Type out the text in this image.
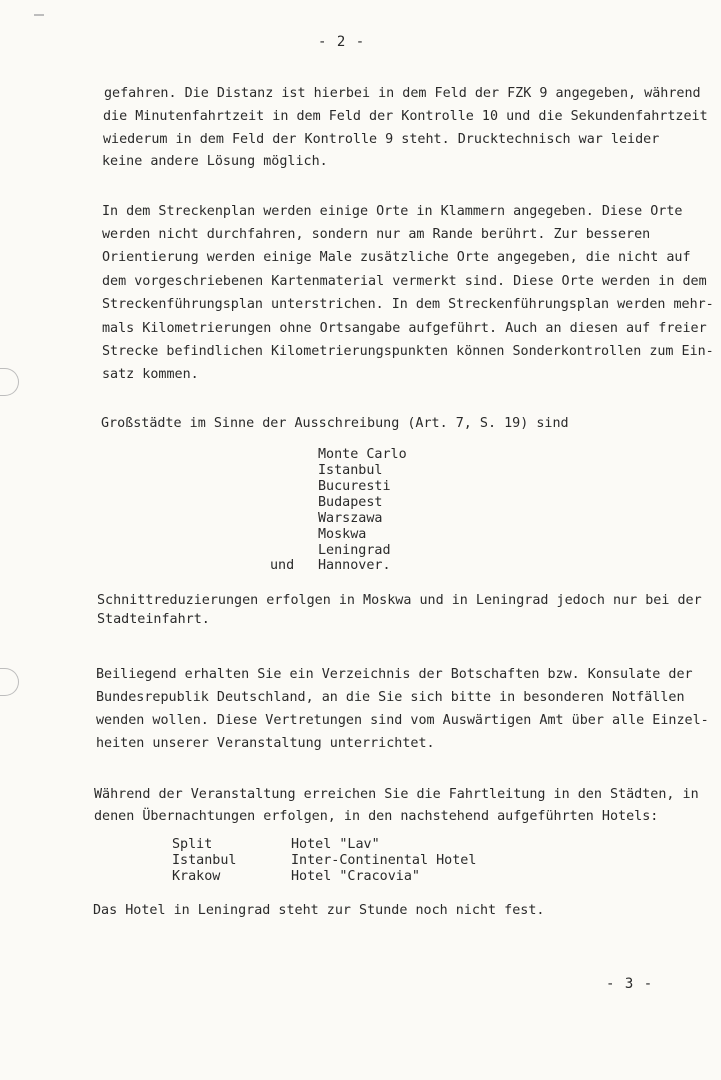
- 2 -
gefahren. Die Distanz ist hierbei in dem Feld der FZK 9 angegeben, während
die Minutenfahrtzeit in dem Feld der Kontrolle 10 und die Sekundenfahrtzeit
wiederum in dem Feld der Kontrolle 9 steht. Drucktechnisch war leider
keine andere Lösung möglich.
In dem Streckenplan werden einige Orte in Klammern angegeben. Diese Orte
werden nicht durchfahren, sondern nur am Rande berührt. Zur besseren
Orientierung werden einige Male zusätzliche Orte angegeben, die nicht auf
dem vorgeschriebenen Kartenmaterial vermerkt sind. Diese Orte werden in dem
Streckenführungsplan unterstrichen. In dem Streckenführungsplan werden mehr-
mals Kilometrierungen ohne Ortsangabe aufgeführt. Auch an diesen auf freier
Strecke befindlichen Kilometrierungspunkten können Sonderkontrollen zum Ein-
satz kommen.
Großstädte im Sinne der Ausschreibung (Art. 7, S. 19) sind
Monte Carlo
Istanbul
Bucuresti
Budapest
Warszawa
Moskwa
Leningrad
und Hannover.
Schnittreduzierungen erfolgen in Moskwa und in Leningrad jedoch nur bei der
Stadteinfahrt.
Beiliegend erhalten Sie ein Verzeichnis der Botschaften bzw. Konsulate der
Bundesrepublik Deutschland, an die Sie sich bitte in besonderen Notfällen
wenden wollen. Diese Vertretungen sind vom Auswärtigen Amt über alle Einzel-
heiten unserer Veranstaltung unterrichtet.
Während der Veranstaltung erreichen Sie die Fahrtleitung in den Städten, in
denen Übernachtungen erfolgen, in den nachstehend aufgeführten Hotels:
Split	Hotel "Lav"
Istanbul	Inter-Continental Hotel
Krakow	Hotel "Cracovia"
Das Hotel in Leningrad steht zur Stunde noch nicht fest.
- 3 -
